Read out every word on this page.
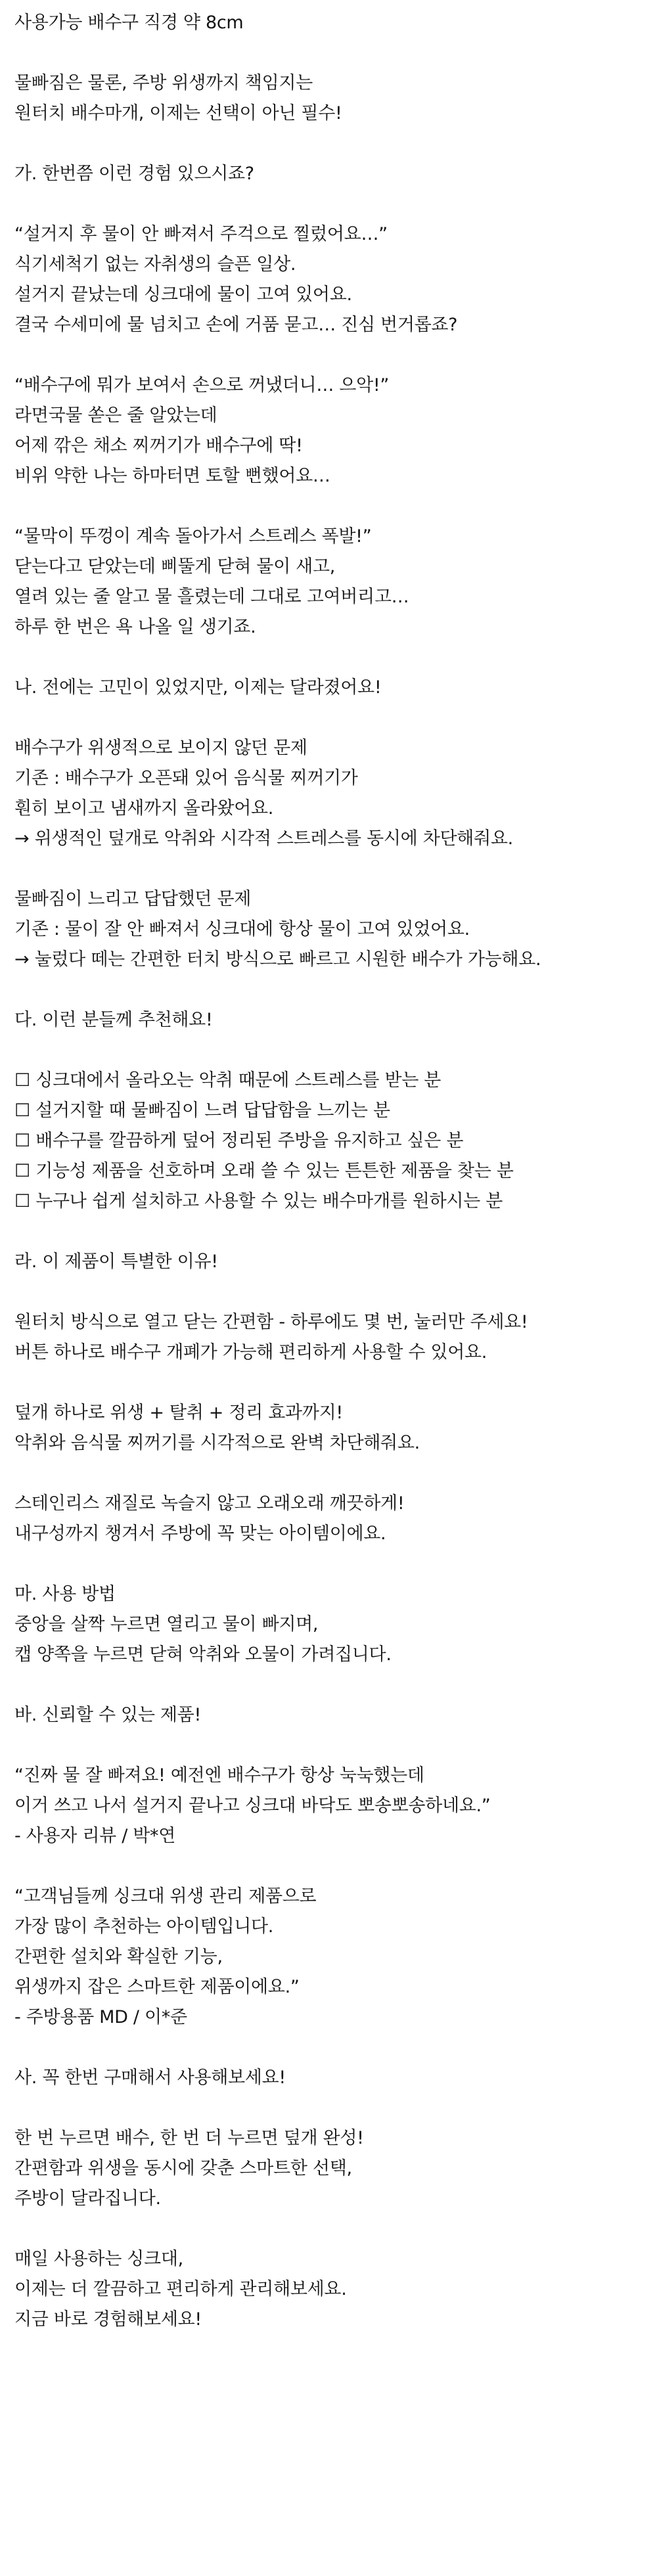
사용가능 배수구 직경 약 8cm
물빠짐은 물론, 주방 위생까지 책임지는
원터치 배수마개, 이제는 선택이 아닌 필수!
가. 한번쯤 이런 경험 있으시죠?
“설거지 후 물이 안 빠져서 주걱으로 찔렀어요…”
식기세척기 없는 자취생의 슬픈 일상.
설거지 끝났는데 싱크대에 물이 고여 있어요.
결국 수세미에 물 넘치고 손에 거품 묻고… 진심 번거롭죠?
“배수구에 뭐가 보여서 손으로 꺼냈더니… 으악!”
라면국물 쏟은 줄 알았는데
어제 깎은 채소 찌꺼기가 배수구에 딱!
비위 약한 나는 하마터면 토할 뻔했어요…
“물막이 뚜껑이 계속 돌아가서 스트레스 폭발!”
닫는다고 닫았는데 삐뚤게 닫혀 물이 새고,
열려 있는 줄 알고 물 흘렸는데 그대로 고여버리고…
하루 한 번은 욕 나올 일 생기죠.
나. 전에는 고민이 있었지만, 이제는 달라졌어요!
배수구가 위생적으로 보이지 않던 문제
기존 : 배수구가 오픈돼 있어 음식물 찌꺼기가
훤히 보이고 냄새까지 올라왔어요.
→ 위생적인 덮개로 악취와 시각적 스트레스를 동시에 차단해줘요.
물빠짐이 느리고 답답했던 문제
기존 : 물이 잘 안 빠져서 싱크대에 항상 물이 고여 있었어요.
→ 눌렀다 떼는 간편한 터치 방식으로 빠르고 시원한 배수가 가능해요.
다. 이런 분들께 추천해요!
☐ 싱크대에서 올라오는 악취 때문에 스트레스를 받는 분
☐ 설거지할 때 물빠짐이 느려 답답함을 느끼는 분
☐ 배수구를 깔끔하게 덮어 정리된 주방을 유지하고 싶은 분
☐ 기능성 제품을 선호하며 오래 쓸 수 있는 튼튼한 제품을 찾는 분
☐ 누구나 쉽게 설치하고 사용할 수 있는 배수마개를 원하시는 분
라. 이 제품이 특별한 이유!
원터치 방식으로 열고 닫는 간편함 - 하루에도 몇 번, 눌러만 주세요!
버튼 하나로 배수구 개폐가 가능해 편리하게 사용할 수 있어요.
덮개 하나로 위생 + 탈취 + 정리 효과까지!
악취와 음식물 찌꺼기를 시각적으로 완벽 차단해줘요.
스테인리스 재질로 녹슬지 않고 오래오래 깨끗하게!
내구성까지 챙겨서 주방에 꼭 맞는 아이템이에요.
마. 사용 방법
중앙을 살짝 누르면 열리고 물이 빠지며,
캡 양쪽을 누르면 닫혀 악취와 오물이 가려집니다.
바. 신뢰할 수 있는 제품!
“진짜 물 잘 빠져요! 예전엔 배수구가 항상 눅눅했는데
이거 쓰고 나서 설거지 끝나고 싱크대 바닥도 뽀송뽀송하네요.”
- 사용자 리뷰 / 박*연
“고객님들께 싱크대 위생 관리 제품으로
가장 많이 추천하는 아이템입니다.
간편한 설치와 확실한 기능,
위생까지 잡은 스마트한 제품이에요.”
- 주방용품 MD / 이*준
사. 꼭 한번 구매해서 사용해보세요!
한 번 누르면 배수, 한 번 더 누르면 덮개 완성!
간편함과 위생을 동시에 갖춘 스마트한 선택,
주방이 달라집니다.
매일 사용하는 싱크대,
이제는 더 깔끔하고 편리하게 관리해보세요.
지금 바로 경험해보세요!
